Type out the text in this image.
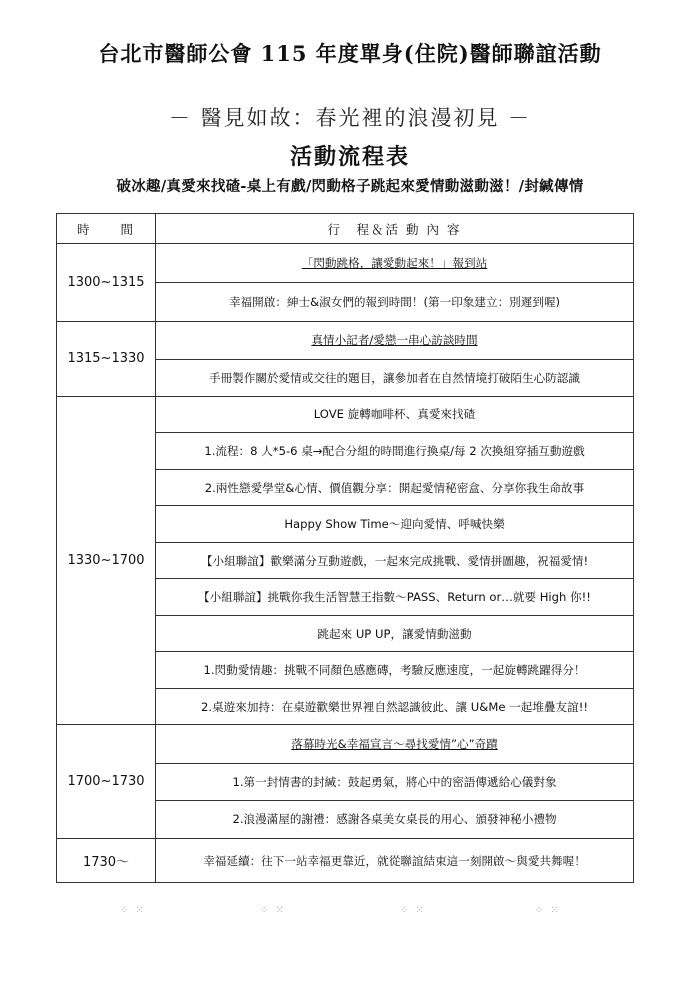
台北市醫師公會 115 年度單身(住院)醫師聯誼活動
－ 醫見如故：春光裡的浪漫初見 －
活動流程表
破冰趣/真愛來找碴-桌上有戲/閃動格子跳起來愛情動滋動滋！/封緘傳情
時　　間	行　程＆活 動 內 容
1300~1315	「閃動跳格，讓愛動起來！」報到站
	幸福開啟：紳士&淑女們的報到時間！(第一印象建立：別遲到喔)
1315~1330	真情小記者/愛戀一串心訪談時間
	手冊製作關於愛情或交往的題目，讓參加者在自然情境打破陌生心防認識
1330~1700	LOVE 旋轉咖啡杯、真愛來找碴
	1.流程：8 人*5-6 桌→配合分組的時間進行換桌/每 2 次換組穿插互動遊戲
	2.兩性戀愛學堂&心情、價值觀分享：開起愛情秘密盒、分享你我生命故事
	Happy Show Time～迎向愛情、呼喊快樂
	【小組聯誼】歡樂滿分互動遊戲，一起來完成挑戰、愛情拼圖趣，祝福愛情!
	【小組聯誼】挑戰你我生活智慧王指數～PASS、Return or…就要 High 你!!
	跳起來 UP UP，讓愛情動滋動
	1.閃動愛情趣：挑戰不同顏色感應磚，考驗反應速度，一起旋轉跳躍得分！
	2.桌遊來加持：在桌遊歡樂世界裡自然認識彼此、讓 U&Me 一起堆疊友誼!!
1700~1730	落幕時光&幸福宣言～尋找愛情”心”奇蹟
	1.第一封情書的封緘：鼓起勇氣，將心中的密語傳遞給心儀對象
	2.浪漫滿屋的謝禮：感謝各桌美女桌長的用心、頒發神秘小禮物
1730～	幸福延續：往下一站幸福更靠近，就從聯誼結束這一刻開啟～與愛共舞喔！
⁘ ⁙	⁘ ⁙	⁘ ⁙	⁘ ⁙
